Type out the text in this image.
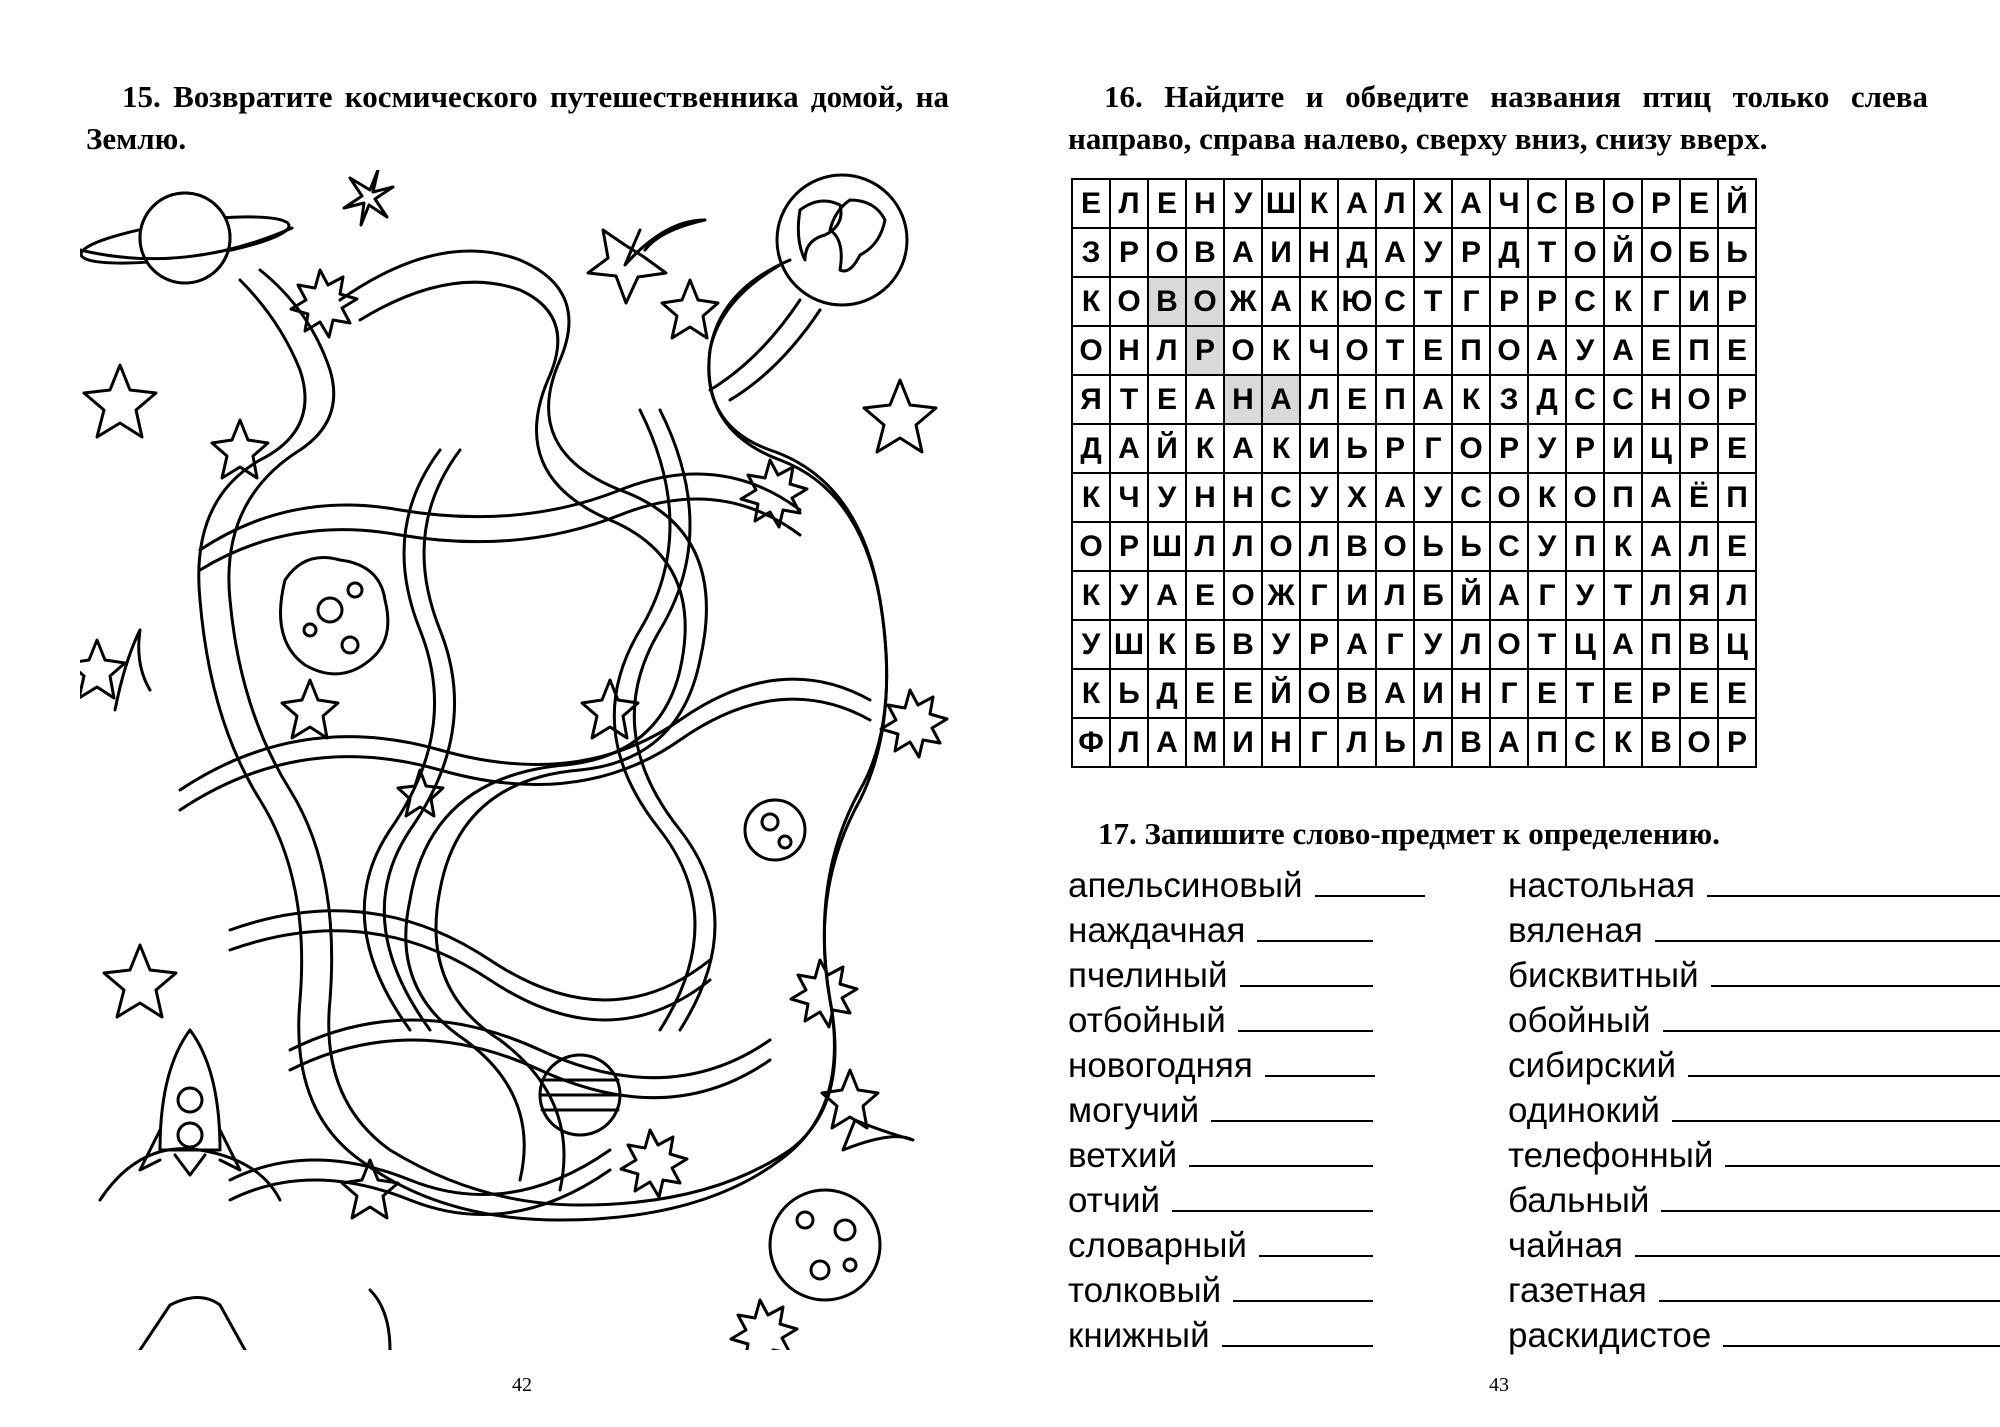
15. Возвратите космического путешественника домой, на Землю.
42
16. Найдите и обведите названия птиц только слева направо, справа налево, сверху вниз, снизу вверх.
Е	Л	Е	Н	У	Ш	К	А	Л	Х	А	Ч	С	В	О	Р	Е	Й
З	Р	О	В	А	И	Н	Д	А	У	Р	Д	Т	О	Й	О	Б	Ь
К	О	В	О	Ж	А	К	Ю	С	Т	Г	Р	Р	С	К	Г	И	Р
О	Н	Л	Р	О	К	Ч	О	Т	Е	П	О	А	У	А	Е	П	Е
Я	Т	Е	А	Н	А	Л	Е	П	А	К	З	Д	С	С	Н	О	Р
Д	А	Й	К	А	К	И	Ь	Р	Г	О	Р	У	Р	И	Ц	Р	Е
К	Ч	У	Н	Н	С	У	Х	А	У	С	О	К	О	П	А	Ё	П
О	Р	Ш	Л	Л	О	Л	В	О	Ь	Ь	С	У	П	К	А	Л	Е
К	У	А	Е	О	Ж	Г	И	Л	Б	Й	А	Г	У	Т	Л	Я	Л
У	Ш	К	Б	В	У	Р	А	Г	У	Л	О	Т	Ц	А	П	В	Ц
К	Ь	Д	Е	Е	Й	О	В	А	И	Н	Г	Е	Т	Е	Р	Е	Е
Ф	Л	А	М	И	Н	Г	Л	Ь	Л	В	А	П	С	К	В	О	Р
17. Запишите слово-предмет к определению.
апельсиновый
наждачная
пчелиный
отбойный
новогодняя
могучий
ветхий
отчий
словарный
толковый
книжный
настольная
вяленая
бисквитный
обойный
сибирский
одинокий
телефонный
бальный
чайная
газетная
раскидистое
43
